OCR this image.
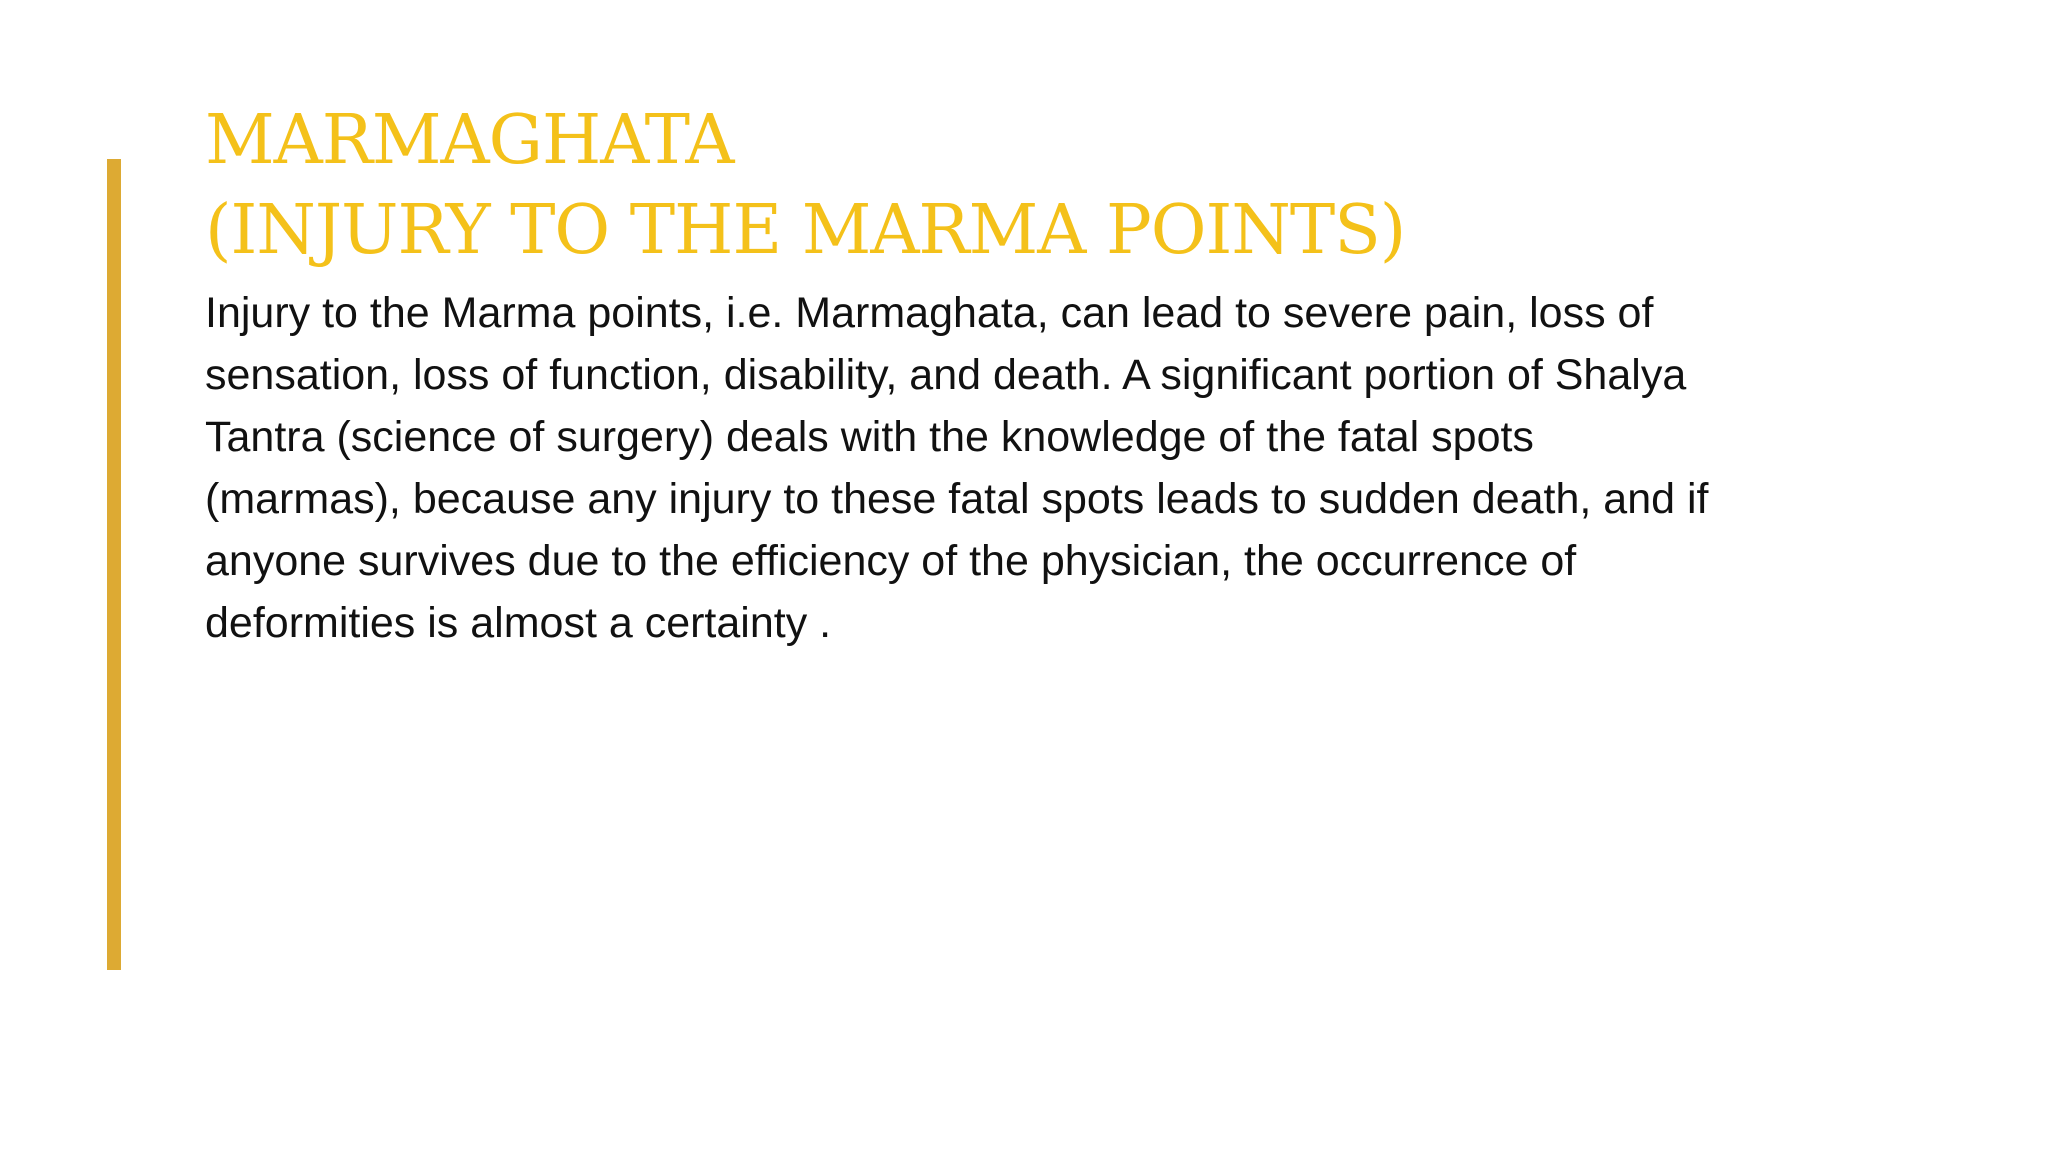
MARMAGHATA
(INJURY TO THE MARMA POINTS)
Injury to the Marma points, i.e. Marmaghata, can lead to severe pain, loss of
sensation, loss of function, disability, and death. A significant portion of Shalya
Tantra (science of surgery) deals with the knowledge of the fatal spots
(marmas), because any injury to these fatal spots leads to sudden death, and if
anyone survives due to the efficiency of the physician, the occurrence of
deformities is almost a certainty .
